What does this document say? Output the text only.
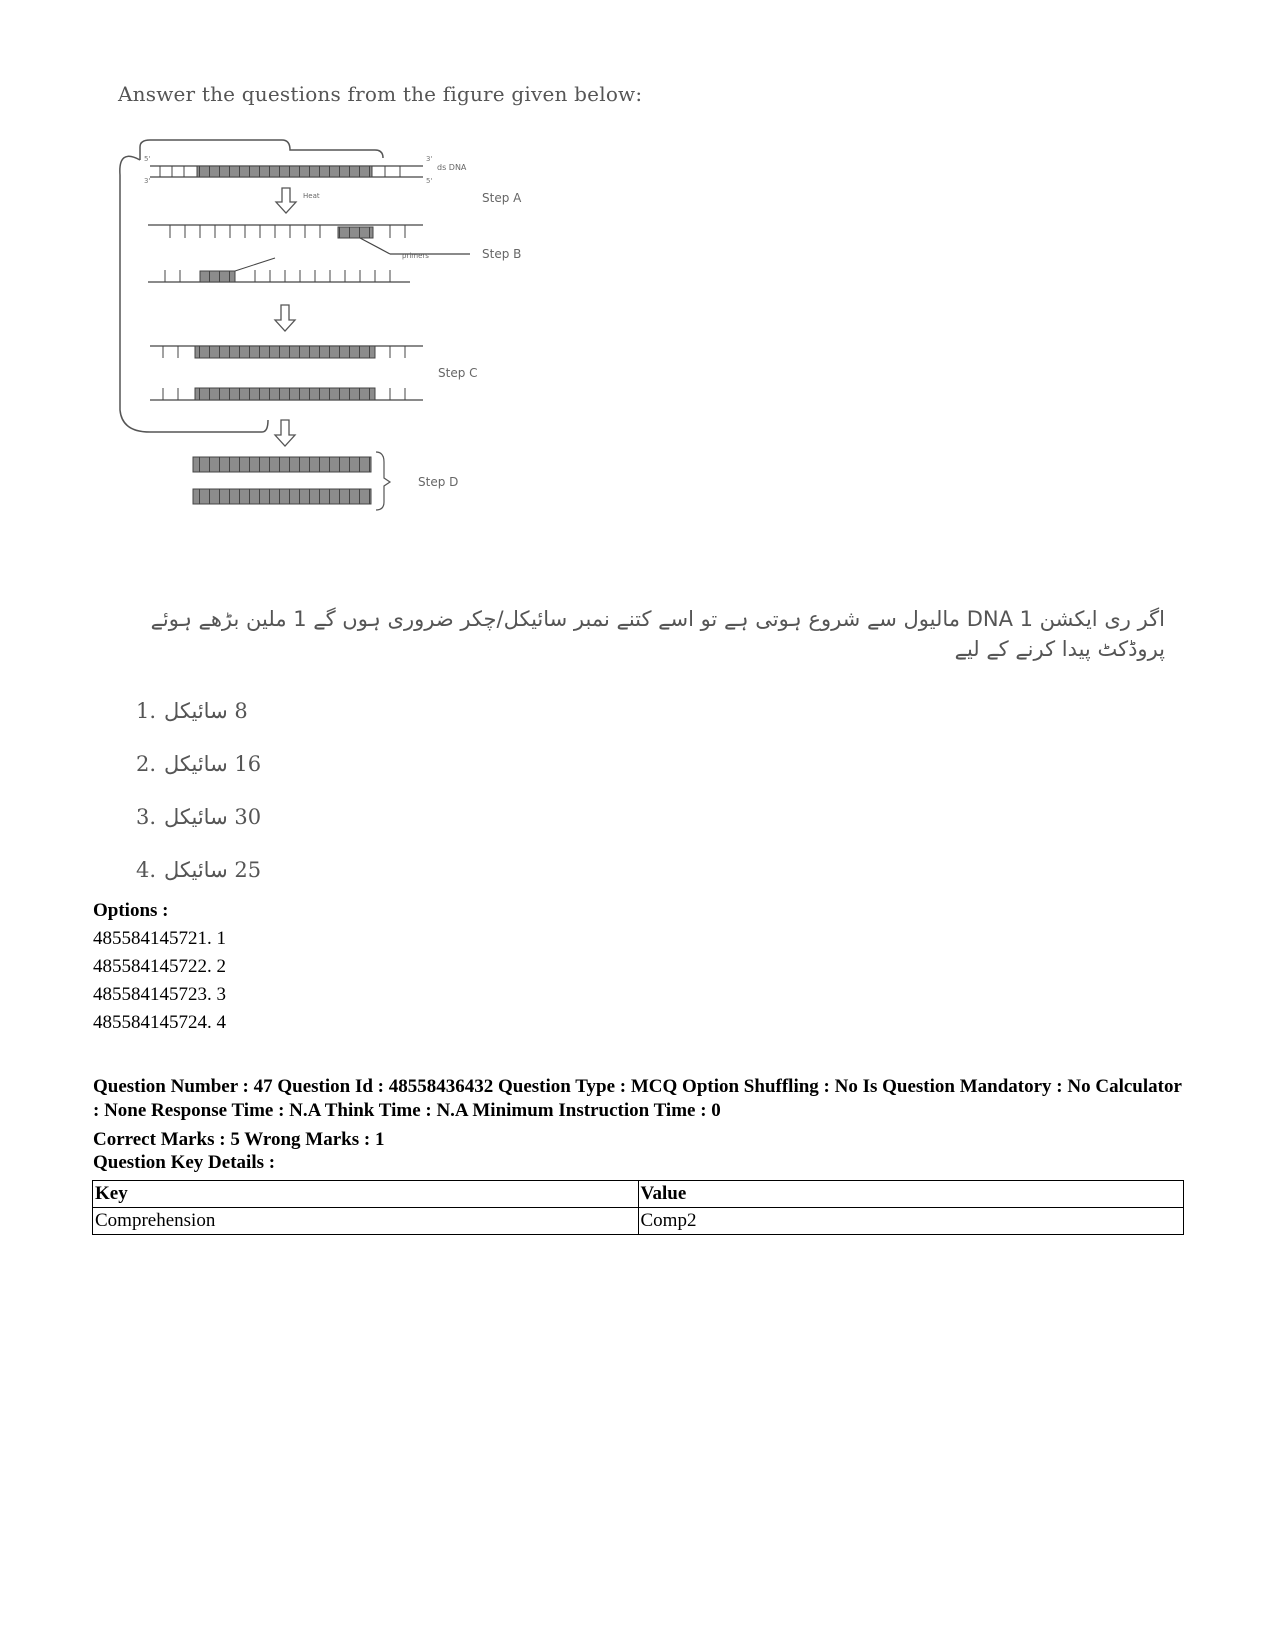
Answer the questions from the figure given below:
ds DNA
5'
3'
3'
5'
Heat	Step A
primers	Step B
Step C
Step D
اگر ری ایکشن DNA 1 مالیول سے شروع ہوتی ہے تو اسے کتنے نمبر سائیکل/چکر ضروری ہوں گے 1 ملین بڑھے ہوئے پروڈکٹ پیدا کرنے کے لیے
1. 8 سائیکل
2. 16 سائیکل
3. 30 سائیکل
4. 25 سائیکل
Options :
485584145721. 1
485584145722. 2
485584145723. 3
485584145724. 4

Question Number : 47 Question Id : 48558436432 Question Type : MCQ Option Shuffling : No Is Question Mandatory : No Calculator : None Response Time : N.A Think Time : N.A Minimum Instruction Time : 0

Correct Marks : 5 Wrong Marks : 1

Question Key Details :
Key	Value
Comprehension	Comp2
